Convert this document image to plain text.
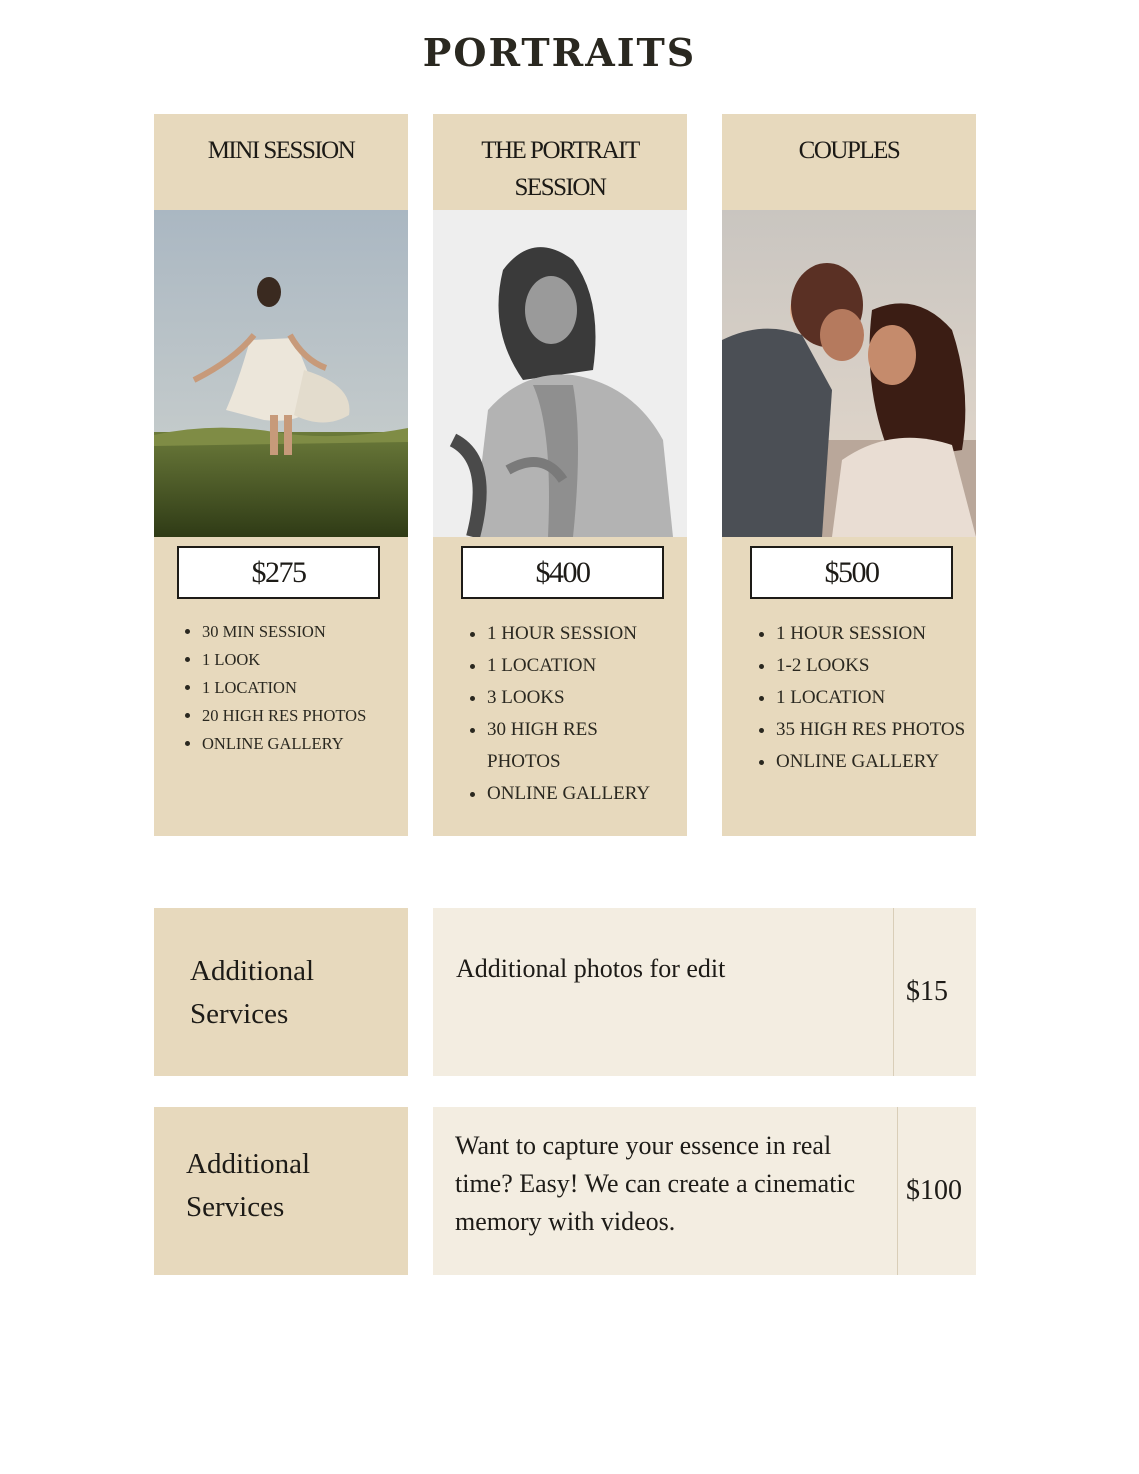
PORTRAITS
MINI SESSION
$275
• 30 MIN SESSION
• 1 LOOK
• 1 LOCATION
• 20 HIGH RES PHOTOS
• ONLINE GALLERY
THE PORTRAIT SESSION
$400
• 1 HOUR SESSION
• 1 LOCATION
• 3 LOOKS
• 30 HIGH RES PHOTOS
• ONLINE GALLERY
COUPLES
$500
• 1 HOUR SESSION
• 1-2 LOOKS
• 1 LOCATION
• 35 HIGH RES PHOTOS
• ONLINE GALLERY
Additional Services
Additional photos for edit
$15
Additional Services
Want to capture your essence in real time? Easy! We can create a cinematic memory with videos.
$100
